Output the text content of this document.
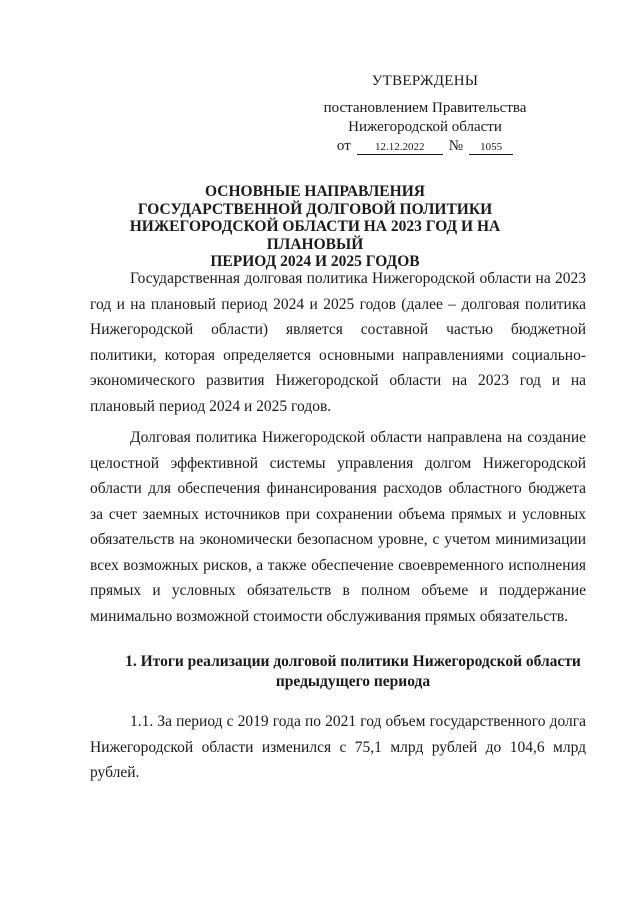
УТВЕРЖДЕНЫ
постановлением Правительства
Нижегородской области
от	12.12.2022	№	1055
ОСНОВНЫЕ НАПРАВЛЕНИЯ
ГОСУДАРСТВЕННОЙ ДОЛГОВОЙ ПОЛИТИКИ
НИЖЕГОРОДСКОЙ ОБЛАСТИ НА 2023 ГОД И НА ПЛАНОВЫЙ
ПЕРИОД 2024 И 2025 ГОДОВ

Государственная долговая политика Нижегородской области на 2023 год и на плановый период 2024 и 2025 годов (далее – долговая политика Нижегородской области) является составной частью бюджетной политики, которая определяется основными направлениями социально-экономического развития Нижегородской области на 2023 год и на плановый период 2024 и 2025 годов.

Долговая политика Нижегородской области направлена на создание целостной эффективной системы управления долгом Нижегородской области для обеспечения финансирования расходов областного бюджета за счет заемных источников при сохранении объема прямых и условных обязательств на экономически безопасном уровне, с учетом минимизации всех возможных рисков, а также обеспечение своевременного исполнения прямых и условных обязательств в полном объеме и поддержание минимально возможной стоимости обслуживания прямых обязательств.

1. Итоги реализации долговой политики Нижегородской области
предыдущего периода

1.1. За период с 2019 года по 2021 год объем государственного долга Нижегородской области изменился с 75,1 млрд рублей до 104,6 млрд рублей.
